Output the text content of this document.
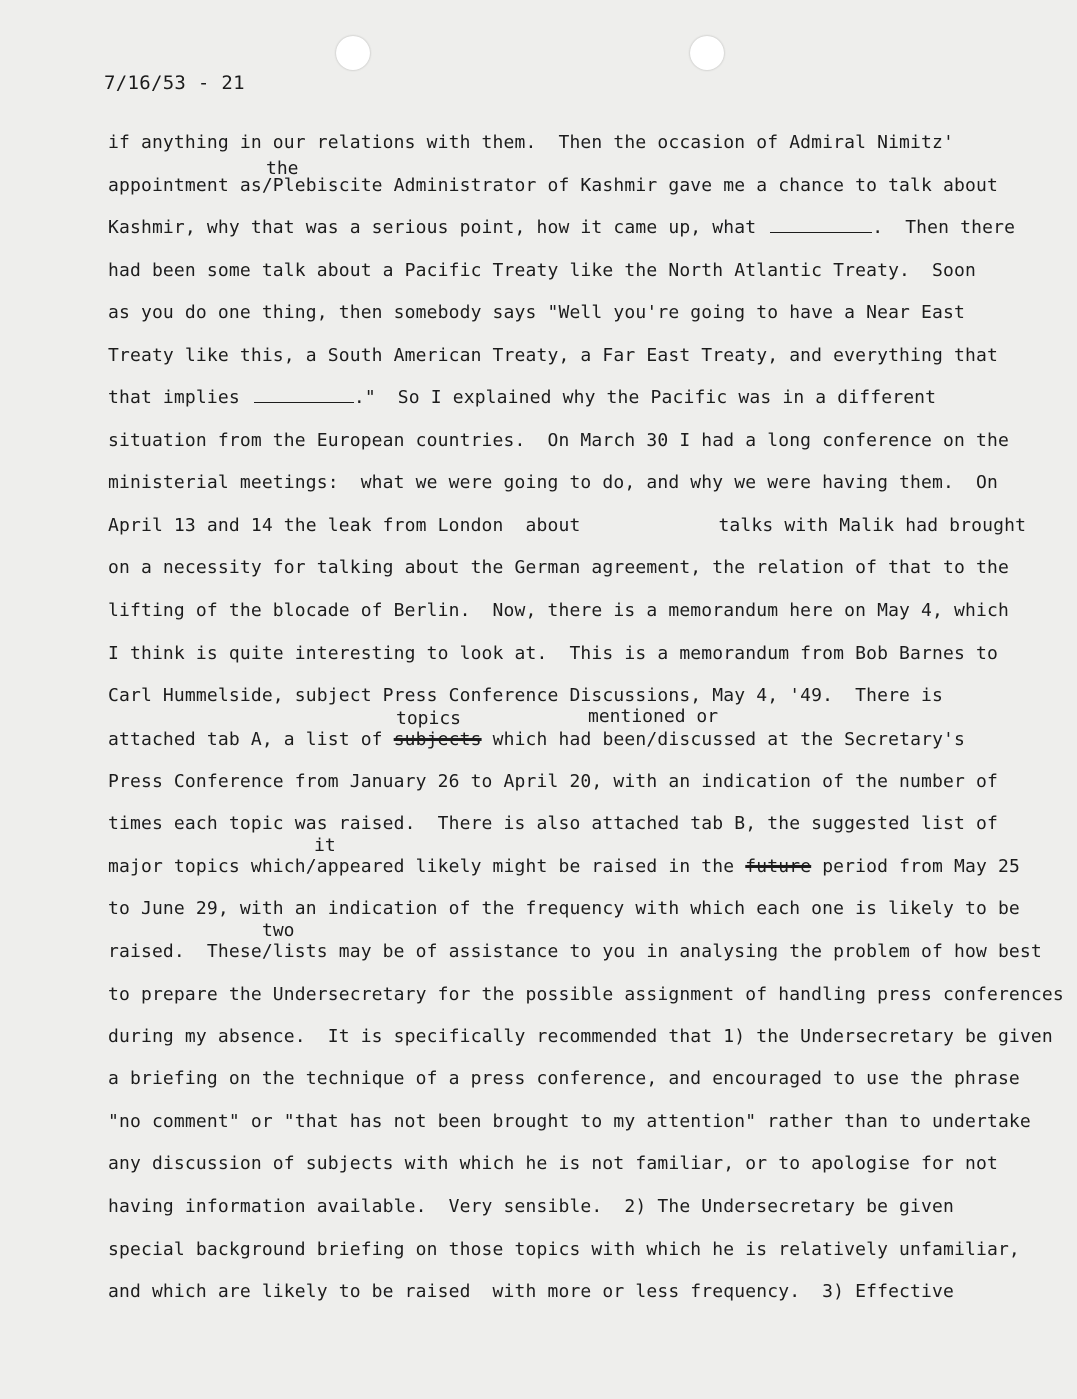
7/16/53 - 21
the
topics	mentioned or
it
two
if anything in our relations with them.  Then the occasion of Admiral Nimitz'
appointment as/Plebiscite Administrator of Kashmir gave me a chance to talk about
Kashmir, why that was a serious point, how it came up, what	.  Then there
had been some talk about a Pacific Treaty like the North Atlantic Treaty.  Soon
as you do one thing, then somebody says "Well you're going to have a Near East
Treaty like this, a South American Treaty, a Far East Treaty, and everything that
that implies	."  So I explained why the Pacific was in a different
situation from the European countries.  On March 30 I had a long conference on the
ministerial meetings:  what we were going to do, and why we were having them.  On
April 13 and 14 the leak from London  about	talks with Malik had brought
on a necessity for talking about the German agreement, the relation of that to the
lifting of the blocade of Berlin.  Now, there is a memorandum here on May 4, which
I think is quite interesting to look at.  This is a memorandum from Bob Barnes to
Carl Hummelside, subject Press Conference Discussions, May 4, '49.  There is
attached tab A, a list of subjects which had been/discussed at the Secretary's
Press Conference from January 26 to April 20, with an indication of the number of
times each topic was raised.  There is also attached tab B, the suggested list of
major topics which/appeared likely might be raised in the future period from May 25
to June 29, with an indication of the frequency with which each one is likely to be
raised.  These/lists may be of assistance to you in analysing the problem of how best
to prepare the Undersecretary for the possible assignment of handling press conferences
during my absence.  It is specifically recommended that 1) the Undersecretary be given
a briefing on the technique of a press conference, and encouraged to use the phrase
"no comment" or "that has not been brought to my attention" rather than to undertake
any discussion of subjects with which he is not familiar, or to apologise for not
having information available.  Very sensible.  2) The Undersecretary be given
special background briefing on those topics with which he is relatively unfamiliar,
and which are likely to be raised  with more or less frequency.  3) Effective
